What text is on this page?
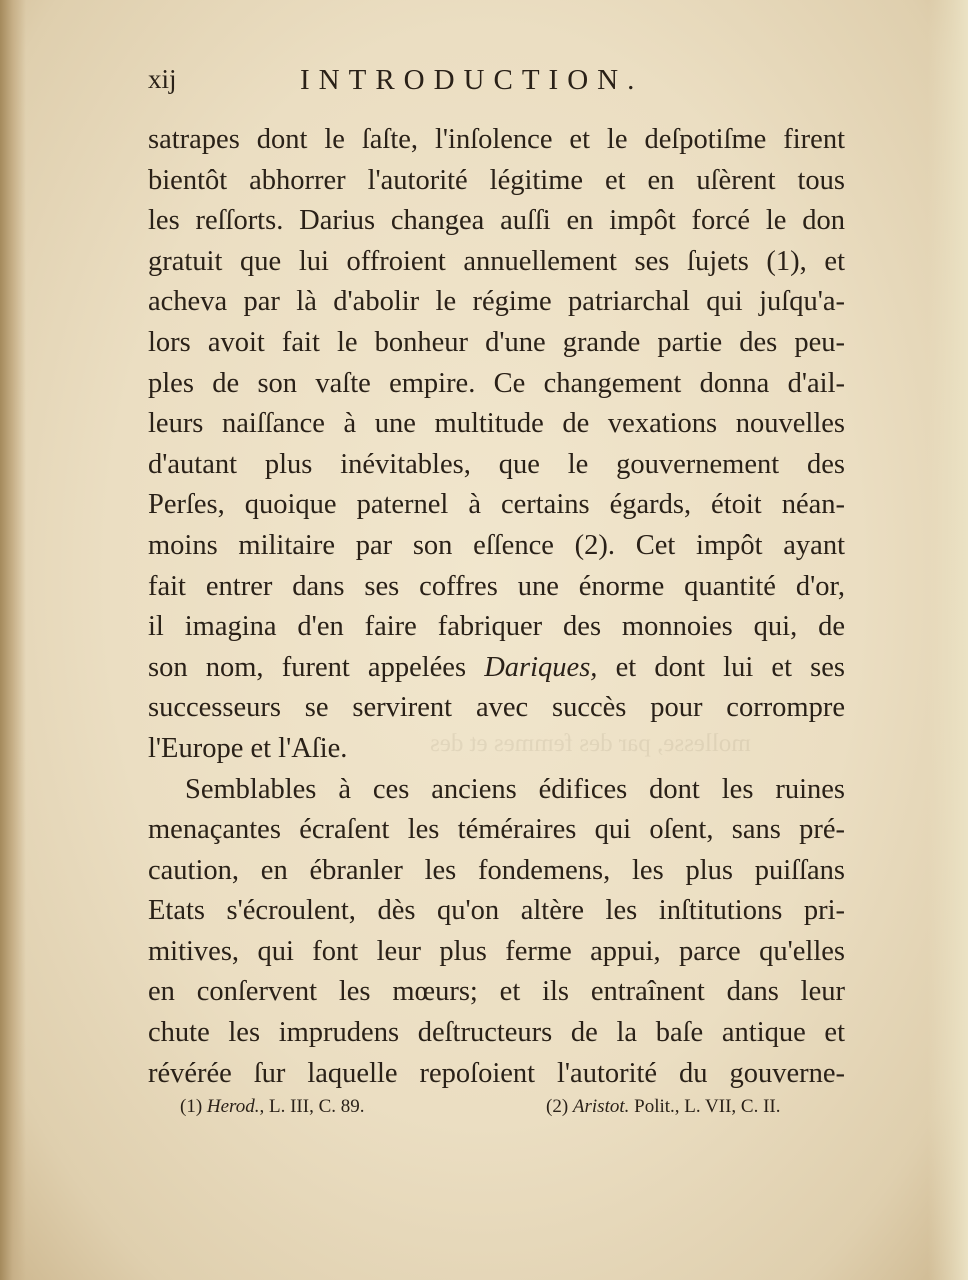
mollesse, par des femmes et des
xij	INTRODUCTION.
satrapes dont le ſaſte, l'inſolence et le deſpotiſme firent
bientôt abhorrer l'autorité légitime et en uſèrent tous
les reſſorts. Darius changea auſſi en impôt forcé le don
gratuit que lui offroient annuellement ses ſujets (1), et
acheva par là d'abolir le régime patriarchal qui juſqu'a-
lors avoit fait le bonheur d'une grande partie des peu-
ples de son vaſte empire. Ce changement donna d'ail-
leurs naiſſance à une multitude de vexations nouvelles
d'autant plus inévitables, que le gouvernement des
Perſes, quoique paternel à certains égards, étoit néan-
moins militaire par son eſſence (2). Cet impôt ayant
fait entrer dans ses coffres une énorme quantité d'or,
il imagina d'en faire fabriquer des monnoies qui, de
son nom, furent appelées Dariques, et dont lui et ses
successeurs se servirent avec succès pour corrompre
l'Europe et l'Aſie.
Semblables à ces anciens édifices dont les ruines
menaçantes écraſent les téméraires qui oſent, sans pré-
caution, en ébranler les fondemens, les plus puiſſans
Etats s'écroulent, dès qu'on altère les inſtitutions pri-
mitives, qui font leur plus ferme appui, parce qu'elles
en conſervent les mœurs; et ils entraînent dans leur
chute les imprudens deſtructeurs de la baſe antique et
révérée ſur laquelle repoſoient l'autorité du gouverne-
(1) Herod., L. III, C. 89.	(2) Aristot. Polit., L. VII, C. II.
